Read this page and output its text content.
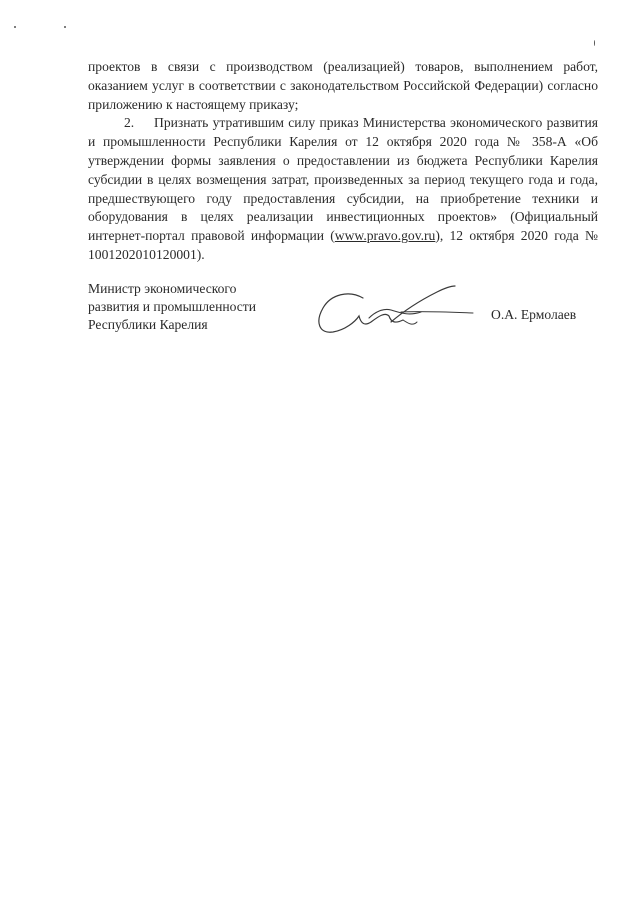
проектов в связи с производством (реализацией) товаров, выполнением работ, оказанием услуг в соответствии с законодательством Российской Федерации) согласно приложению к настоящему приказу;

2. Признать утратившим силу приказ Министерства экономического развития и промышленности Республики Карелия от 12 октября 2020 года № 358-А «Об утверждении формы заявления о предоставлении из бюджета Республики Карелия субсидии в целях возмещения затрат, произведенных за период текущего года и года, предшествующего году предоставления субсидии, на приобретение техники и оборудования в целях реализации инвестиционных проектов» (Официальный интернет-портал правовой информации (www.pravo.gov.ru), 12 октября 2020 года № 1001202010120001).

Министр экономического
развития и промышленности
Республики Карелия
О.А. Ермолаев
